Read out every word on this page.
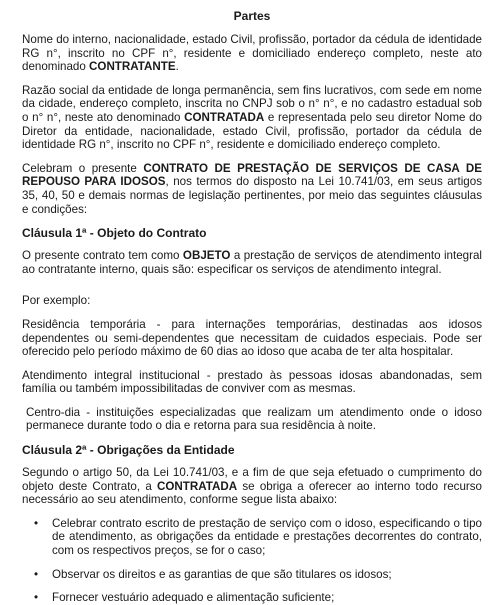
Partes

Nome do interno, nacionalidade, estado Civil, profissão, portador da cédula de identidade RG n°, inscrito no CPF n°, residente e domiciliado endereço completo, neste ato denominado CONTRATANTE.

Razão social da entidade de longa permanência, sem fins lucrativos, com sede em nome da cidade, endereço completo, inscrita no CNPJ sob o n° n°, e no cadastro estadual sob o n° n°, neste ato denominado CONTRATADA e representada pelo seu diretor Nome do Diretor da entidade, nacionalidade, estado Civil, profissão, portador da cédula de identidade RG n°, inscrito no CPF n°, residente e domiciliado endereço completo.

Celebram o presente CONTRATO DE PRESTAÇÃO DE SERVIÇOS DE CASA DE REPOUSO PARA IDOSOS, nos termos do disposto na Lei 10.741/03, em seus artigos 35, 40, 50 e demais normas de legislação pertinentes, por meio das seguintes cláusulas e condições:

Cláusula 1ª - Objeto do Contrato

O presente contrato tem como OBJETO a prestação de serviços de atendimento integral ao contratante interno, quais são: especificar os serviços de atendimento integral.

Por exemplo:

Residência temporária - para internações temporárias, destinadas aos idosos dependentes ou semi-dependentes que necessitam de cuidados especiais. Pode ser oferecido pelo período máximo de 60 dias ao idoso que acaba de ter alta hospitalar.

Atendimento integral institucional - prestado às pessoas idosas abandonadas, sem família ou também impossibilitadas de conviver com as mesmas.

Centro-dia - instituições especializadas que realizam um atendimento onde o idoso permanece durante todo o dia e retorna para sua residência à noite.

Cláusula 2ª - Obrigações da Entidade

Segundo o artigo 50, da Lei 10.741/03, e a fim de que seja efetuado o cumprimento do objeto deste Contrato, a CONTRATADA se obriga a oferecer ao interno todo recurso necessário ao seu atendimento, conforme segue lista abaixo:

• Celebrar contrato escrito de prestação de serviço com o idoso, especificando o tipo de atendimento, as obrigações da entidade e prestações decorrentes do contrato, com os respectivos preços, se for o caso;
• Observar os direitos e as garantias de que são titulares os idosos;
• Fornecer vestuário adequado e alimentação suficiente;
